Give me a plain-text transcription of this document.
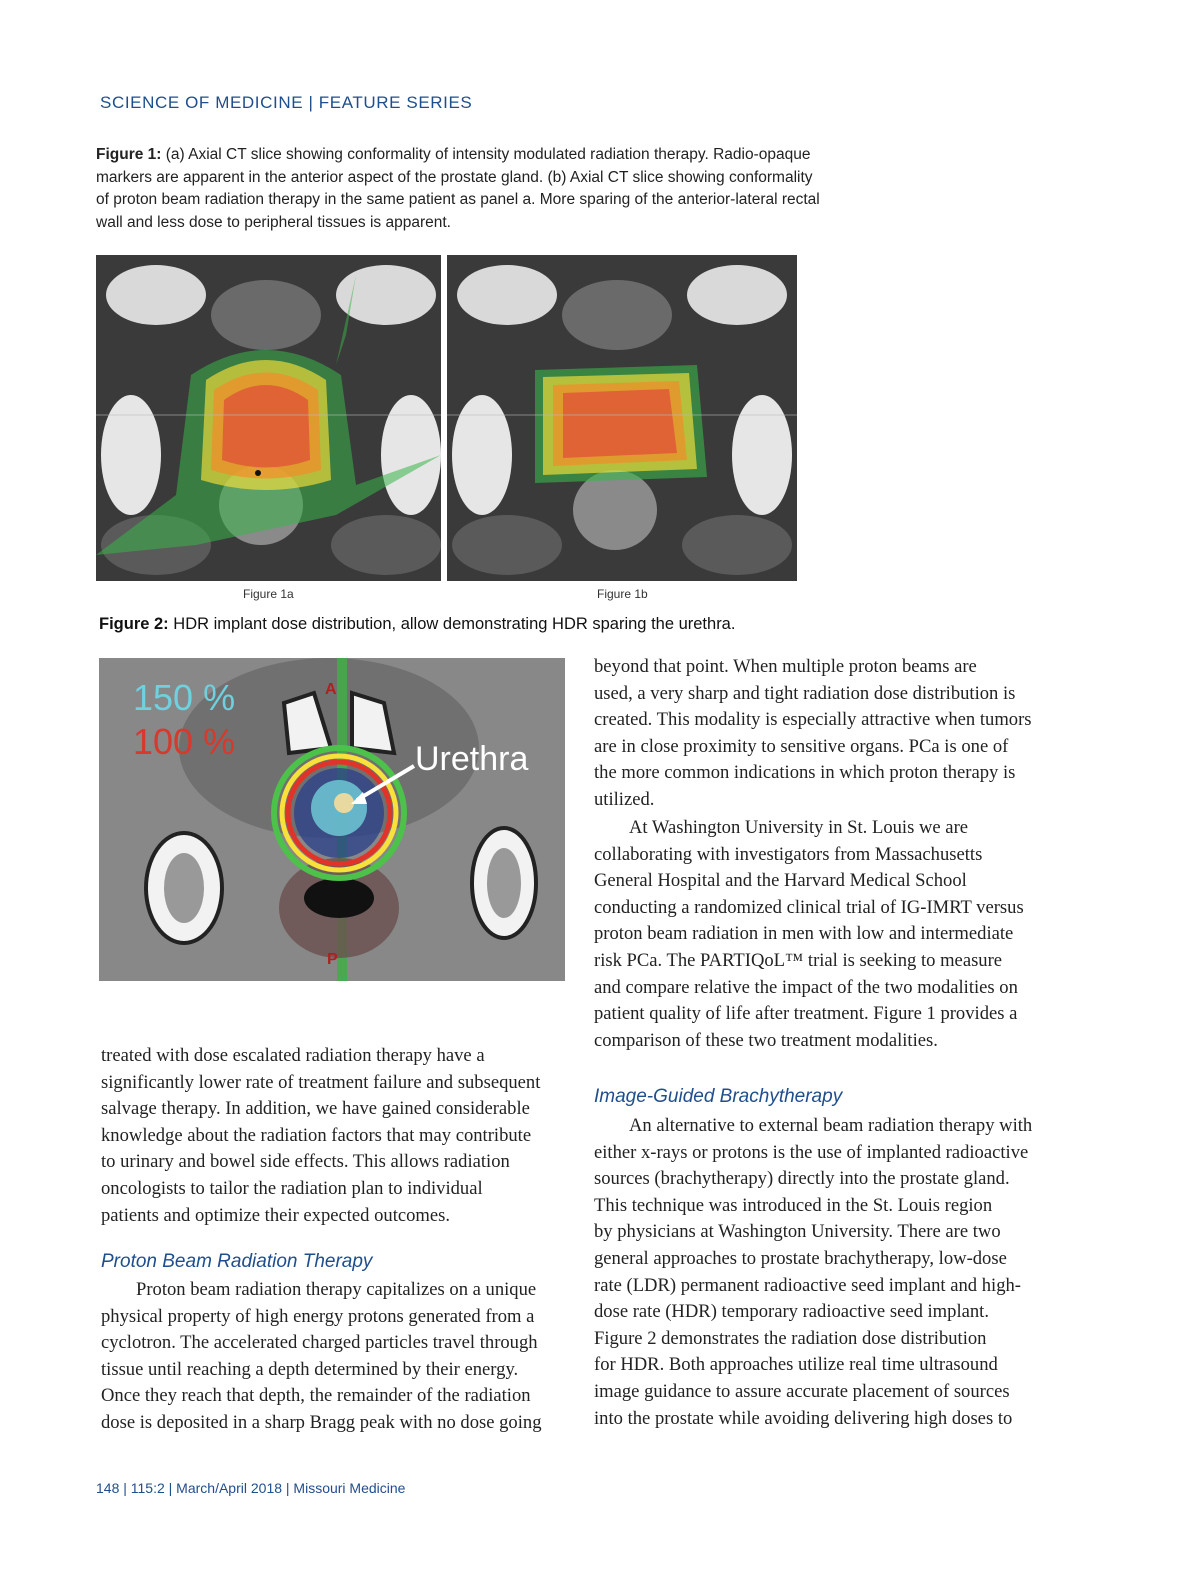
SCIENCE OF MEDICINE | FEATURE SERIES
Figure 1: (a) Axial CT slice showing conformality of intensity modulated radiation therapy. Radio-opaque markers are apparent in the anterior aspect of the prostate gland. (b) Axial CT slice showing conformality of proton beam radiation therapy in the same patient as panel a. More sparing of the anterior-lateral rectal wall and less dose to peripheral tissues is apparent.
Figure 1a	Figure 1b
Figure 2: HDR implant dose distribution, allow demonstrating HDR sparing the urethra.
Urethra
150 %
100 %
A
P
treated with dose escalated radiation therapy have a
significantly lower rate of treatment failure and subsequent
salvage therapy. In addition, we have gained considerable
knowledge about the radiation factors that may contribute
to urinary and bowel side effects. This allows radiation
oncologists to tailor the radiation plan to individual
patients and optimize their expected outcomes.
Proton Beam Radiation Therapy
Proton beam radiation therapy capitalizes on a unique
physical property of high energy protons generated from a
cyclotron. The accelerated charged particles travel through
tissue until reaching a depth determined by their energy.
Once they reach that depth, the remainder of the radiation
dose is deposited in a sharp Bragg peak with no dose going
beyond that point. When multiple proton beams are
used, a very sharp and tight radiation dose distribution is
created. This modality is especially attractive when tumors
are in close proximity to sensitive organs. PCa is one of
the more common indications in which proton therapy is
utilized.
At Washington University in St. Louis we are
collaborating with investigators from Massachusetts
General Hospital and the Harvard Medical School
conducting a randomized clinical trial of IG-IMRT versus
proton beam radiation in men with low and intermediate
risk PCa. The PARTIQoL™ trial is seeking to measure
and compare relative the impact of the two modalities on
patient quality of life after treatment. Figure 1 provides a
comparison of these two treatment modalities.
Image-Guided Brachytherapy
An alternative to external beam radiation therapy with
either x-rays or protons is the use of implanted radioactive
sources (brachytherapy) directly into the prostate gland.
This technique was introduced in the St. Louis region
by physicians at Washington University. There are two
general approaches to prostate brachytherapy, low-dose
rate (LDR) permanent radioactive seed implant and high-
dose rate (HDR) temporary radioactive seed implant.
Figure 2 demonstrates the radiation dose distribution
for HDR. Both approaches utilize real time ultrasound
image guidance to assure accurate placement of sources
into the prostate while avoiding delivering high doses to
148 | 115:2 | March/April 2018 | Missouri Medicine
